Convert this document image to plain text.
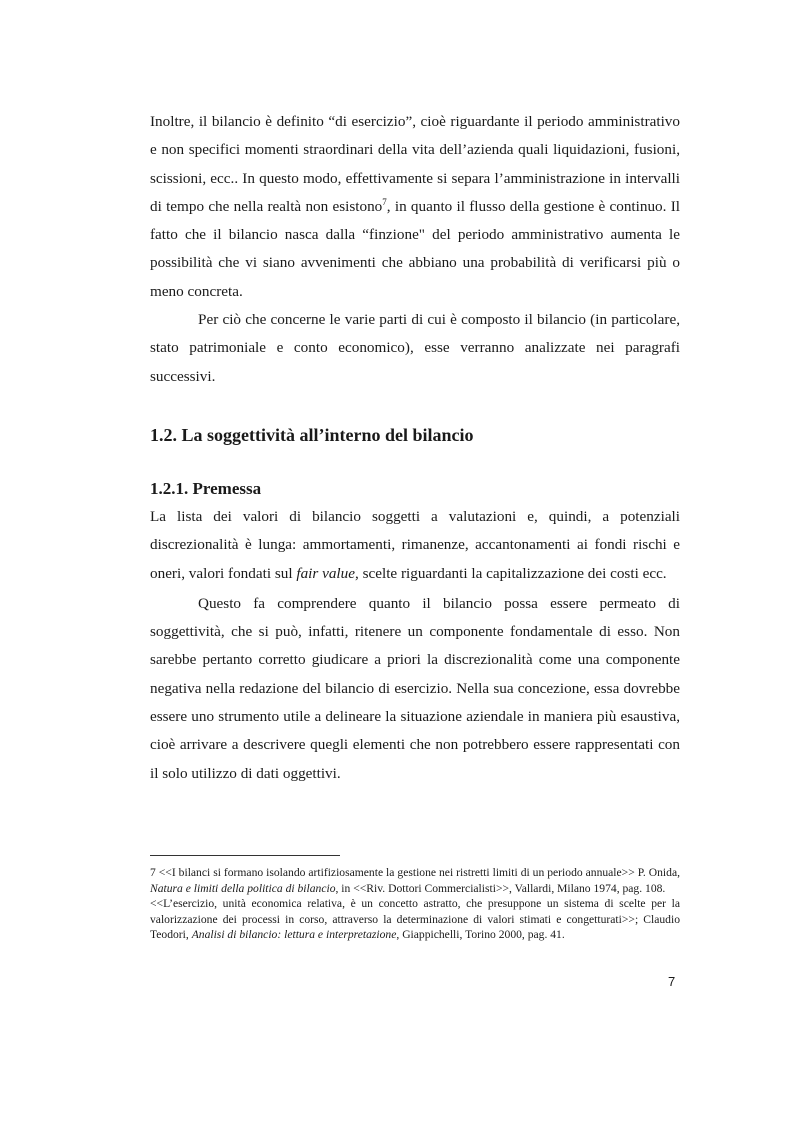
Inoltre, il bilancio è definito “di esercizio”, cioè riguardante il periodo amministrativo e non specifici momenti straordinari della vita dell’azienda quali liquidazioni, fusioni, scissioni, ecc.. In questo modo, effettivamente si separa l’amministrazione in intervalli di tempo che nella realtà non esistono$^7$, in quanto il flusso della gestione è continuo. Il fatto che il bilancio nasca dalla “finzione" del periodo amministrativo aumenta le possibilità che vi siano avvenimenti che abbiano una probabilità di verificarsi più o meno concreta.

Per ciò che concerne le varie parti di cui è composto il bilancio (in particolare, stato patrimoniale e conto economico), esse verranno analizzate nei paragrafi successivi.

1.2. La soggettività all’interno del bilancio
1.2.1. Premessa

La lista dei valori di bilancio soggetti a valutazioni e, quindi, a potenziali discrezionalità è lunga: ammortamenti, rimanenze, accantonamenti ai fondi rischi e oneri, valori fondati sul fair value, scelte riguardanti la capitalizzazione dei costi ecc.

Questo fa comprendere quanto il bilancio possa essere permeato di soggettività, che si può, infatti, ritenere un componente fondamentale di esso. Non sarebbe pertanto corretto giudicare a priori la discrezionalità come una componente negativa nella redazione del bilancio di esercizio. Nella sua concezione, essa dovrebbe essere uno strumento utile a delineare la situazione aziendale in maniera più esaustiva, cioè arrivare a descrivere quegli elementi che non potrebbero essere rappresentati con il solo utilizzo di dati oggettivi.

7 <<I bilanci si formano isolando artifiziosamente la gestione nei ristretti limiti di un periodo annuale>> P. Onida, Natura e limiti della politica di bilancio, in <<Riv. Dottori Commercialisti>>, Vallardi, Milano 1974, pag. 108.

<<L’esercizio, unità economica relativa, è un concetto astratto, che presuppone un sistema di scelte per la valorizzazione dei processi in corso, attraverso la determinazione di valori stimati e congetturati>>; Claudio Teodori, Analisi di bilancio: lettura e interpretazione, Giappichelli, Torino 2000, pag. 41.

7
